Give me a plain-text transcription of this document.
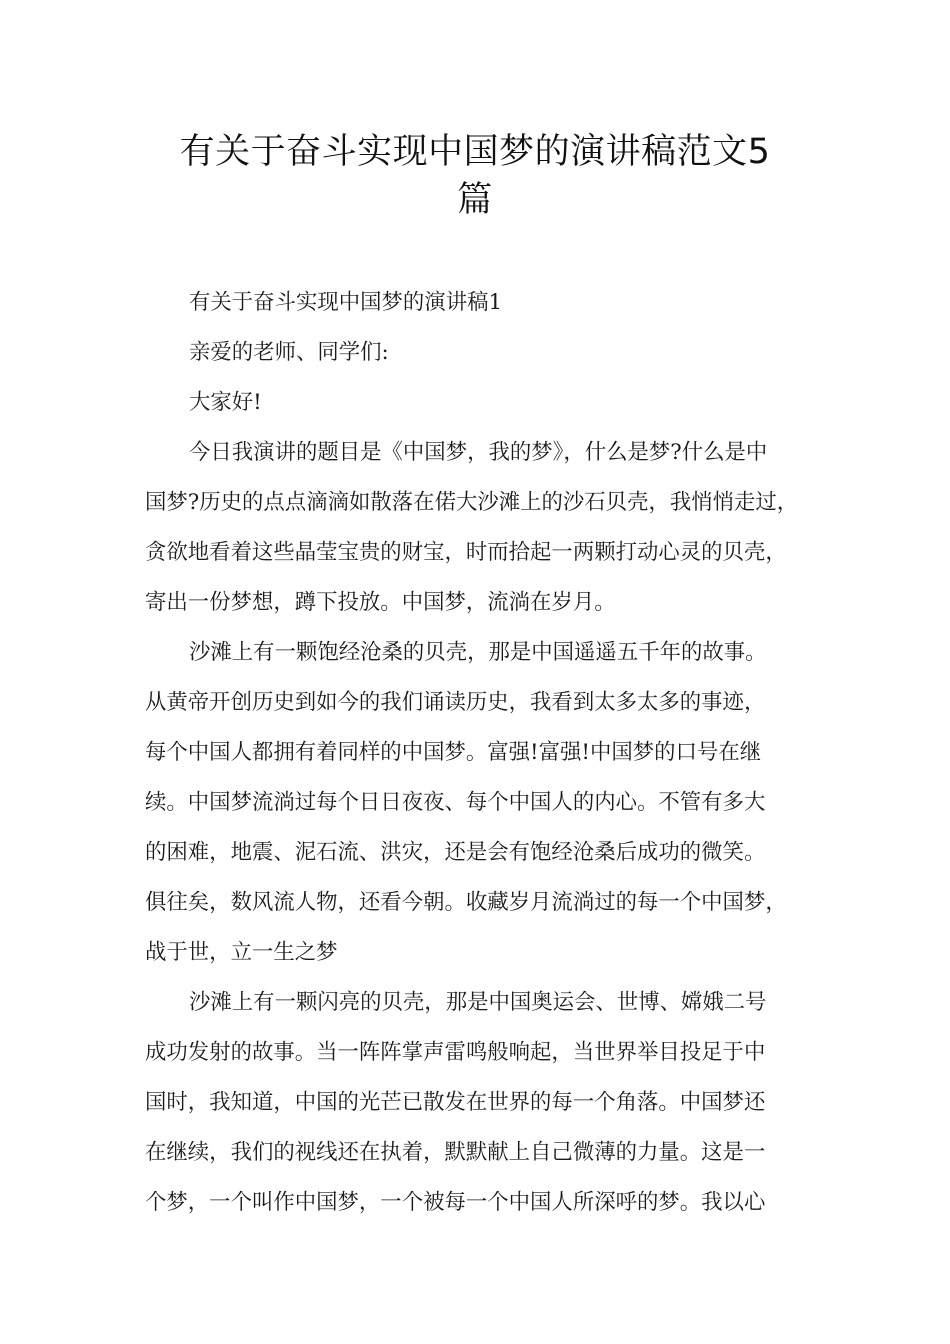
有关于奋斗实现中国梦的演讲稿范文5
篇
有关于奋斗实现中国梦的演讲稿1
亲爱的老师、同学们:
大家好!
今日我演讲的题目是《中国梦，我的梦》，什么是梦?什么是中
国梦?历史的点点滴滴如散落在偌大沙滩上的沙石贝壳，我悄悄走过，
贪欲地看着这些晶莹宝贵的财宝，时而拾起一两颗打动心灵的贝壳，
寄出一份梦想，蹲下投放。中国梦，流淌在岁月。
沙滩上有一颗饱经沧桑的贝壳，那是中国遥遥五千年的故事。
从黄帝开创历史到如今的我们诵读历史，我看到太多太多的事迹，
每个中国人都拥有着同样的中国梦。富强!富强!中国梦的口号在继
续。中国梦流淌过每个日日夜夜、每个中国人的内心。不管有多大
的困难，地震、泥石流、洪灾，还是会有饱经沧桑后成功的微笑。
俱往矣，数风流人物，还看今朝。收藏岁月流淌过的每一个中国梦，
战于世，立一生之梦
沙滩上有一颗闪亮的贝壳，那是中国奥运会、世博、嫦娥二号
成功发射的故事。当一阵阵掌声雷鸣般响起，当世界举目投足于中
国时，我知道，中国的光芒已散发在世界的每一个角落。中国梦还
在继续，我们的视线还在执着，默默献上自己微薄的力量。这是一
个梦，一个叫作中国梦，一个被每一个中国人所深呼的梦。我以心
